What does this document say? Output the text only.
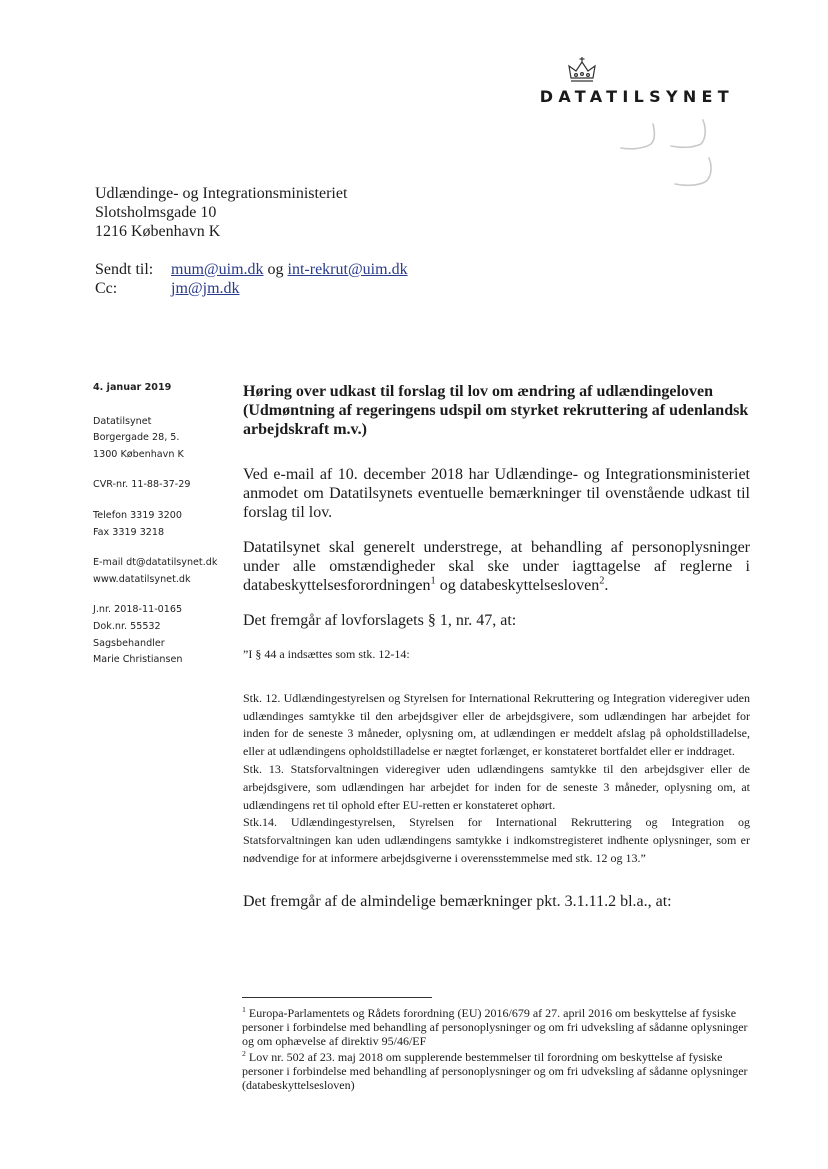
DATATILSYNET
Udlændinge- og Integrationsministeriet
Slotsholmsgade 10
1216 København K
Sendt til:	mum@uim.dk og int-rekrut@uim.dk
Cc:	jm@jm.dk
4. januar 2019
Datatilsynet
Borgergade 28, 5.
1300 København K
CVR-nr. 11-88-37-29
Telefon 3319 3200
Fax 3319 3218
E-mail dt@datatilsynet.dk
www.datatilsynet.dk
J.nr. 2018-11-0165
Dok.nr. 55532
Sagsbehandler
Marie Christiansen
Høring over udkast til forslag til lov om ændring af udlændingeloven (Udmøntning af regeringens udspil om styrket rekruttering af udenlandsk arbejdskraft m.v.)

Ved e-mail af 10. december 2018 har Udlændinge- og Integrationsministeriet anmodet om Datatilsynets eventuelle bemærkninger til ovenstående udkast til forslag til lov.

Datatilsynet skal generelt understrege, at behandling af personoplysninger under alle omstændigheder skal ske under iagttagelse af reglerne i databeskyttelsesforordningen$^1$ og databeskyttelsesloven$^2$.

Det fremgår af lovforslagets § 1, nr. 47, at:

”I § 44 a indsættes som stk. 12-14:

Stk. 12. Udlændingestyrelsen og Styrelsen for International Rekruttering og Integration videregiver uden udlændinges samtykke til den arbejdsgiver eller de arbejdsgivere, som udlændingen har arbejdet for inden for de seneste 3 måneder, oplysning om, at udlændingen er meddelt afslag på opholdstilladelse, eller at udlændingens opholdstilladelse er nægtet forlænget, er konstateret bortfaldet eller er inddraget.

Stk. 13. Statsforvaltningen videregiver uden udlændingens samtykke til den arbejdsgiver eller de arbejdsgivere, som udlændingen har arbejdet for inden for de seneste 3 måneder, oplysning om, at udlændingens ret til ophold efter EU-retten er konstateret ophørt.

Stk.14. Udlændingestyrelsen, Styrelsen for International Rekruttering og Integration og Statsforvaltningen kan uden udlændingens samtykke i indkomstregisteret indhente oplysninger, som er nødvendige for at informere arbejdsgiverne i overensstemmelse med stk. 12 og 13.”

Det fremgår af de almindelige bemærkninger pkt. 3.1.11.2 bl.a., at:

$^1$ Europa-Parlamentets og Rådets forordning (EU) 2016/679 af 27. april 2016 om beskyttelse af fysiske personer i forbindelse med behandling af personoplysninger og om fri udveksling af sådanne oplysninger og om ophævelse af direktiv 95/46/EF

$^2$ Lov nr. 502 af 23. maj 2018 om supplerende bestemmelser til forordning om beskyttelse af fysiske personer i forbindelse med behandling af personoplysninger og om fri udveksling af sådanne oplysninger (databeskyttelsesloven)
